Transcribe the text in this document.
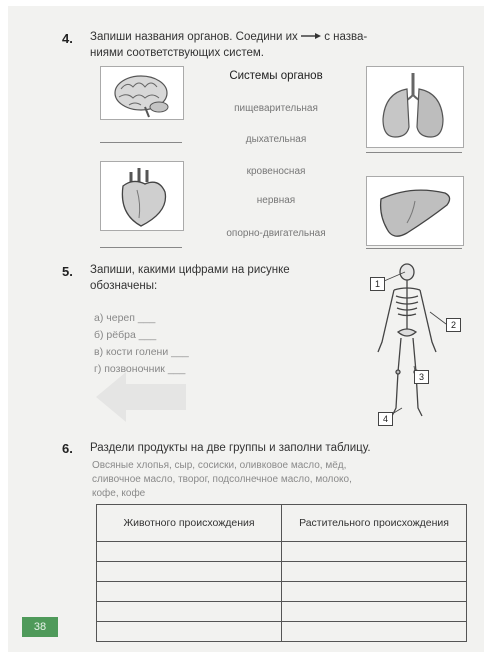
4. Запиши названия органов. Соедини их  с назва-
ниями соответствующих систем.
Системы органов
пищеварительная
дыхательная
кровеносная
нервная
опорно-двигательная
5. Запиши, какими цифрами на рисунке
обозначены:
а) череп ___
б) рёбра ___
в) кости голени ___
г) позвоночник ___
1
2
3
4
6. Раздели продукты на две группы и заполни таблицу.
Овсяные хлопья, сыр, сосиски, оливковое масло, мёд,
сливочное масло, творог, подсолнечное масло, молоко,
кофе, кофе
Животного происхождения	Растительного происхождения

38
